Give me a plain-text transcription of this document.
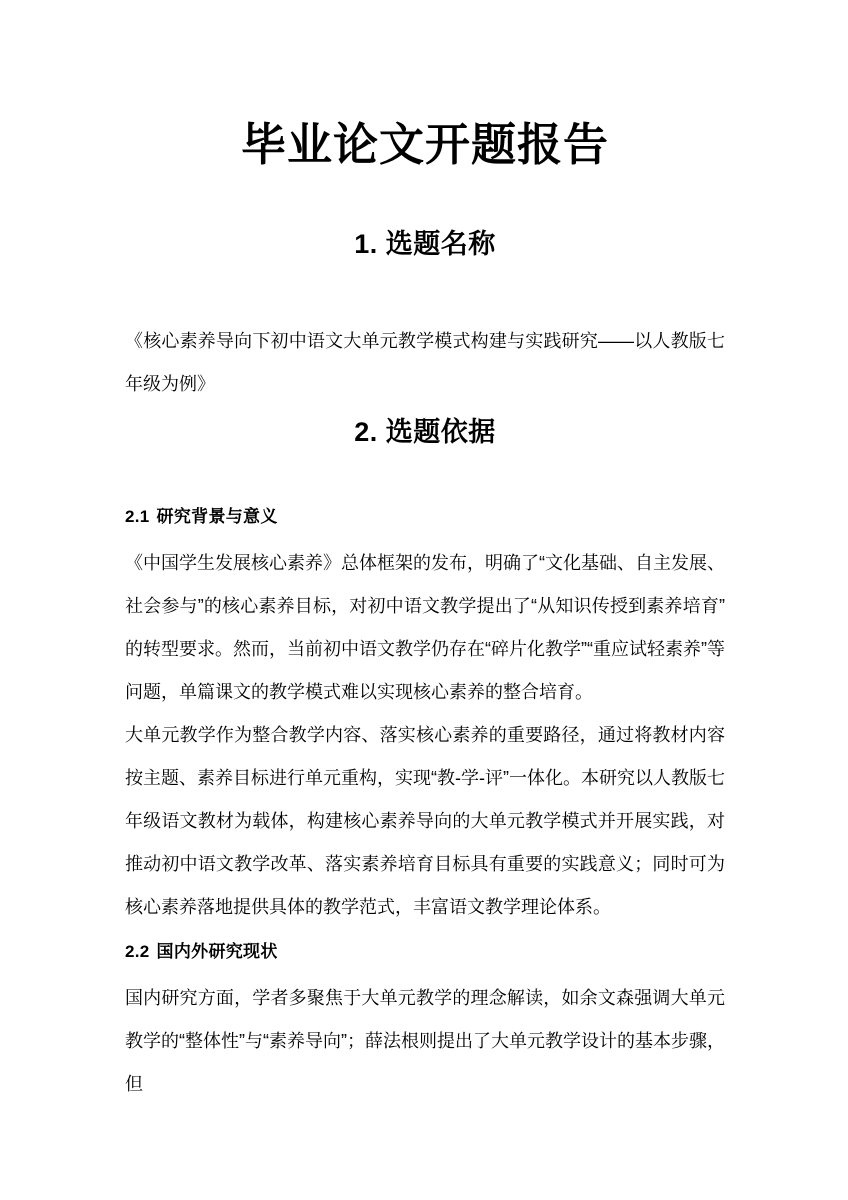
毕业论文开题报告
1. 选题名称

《核心素养导向下初中语文大单元教学模式构建与实践研究——以人教版七年级为例》

2. 选题依据
2.1 研究背景与意义

《中国学生发展核心素养》总体框架的发布，明确了“文化基础、自主发展、社会参与”的核心素养目标，对初中语文教学提出了“从知识传授到素养培育”的转型要求。然而，当前初中语文教学仍存在“碎片化教学”“重应试轻素养”等问题，单篇课文的教学模式难以实现核心素养的整合培育。

大单元教学作为整合教学内容、落实核心素养的重要路径，通过将教材内容按主题、素养目标进行单元重构，实现“教-学-评”一体化。本研究以人教版七年级语文教材为载体，构建核心素养导向的大单元教学模式并开展实践，对推动初中语文教学改革、落实素养培育目标具有重要的实践意义；同时可为核心素养落地提供具体的教学范式，丰富语文教学理论体系。

2.2 国内外研究现状

国内研究方面，学者多聚焦于大单元教学的理念解读，如余文森强调大单元教学的“整体性”与“素养导向”；薛法根则提出了大单元教学设计的基本步骤，但
